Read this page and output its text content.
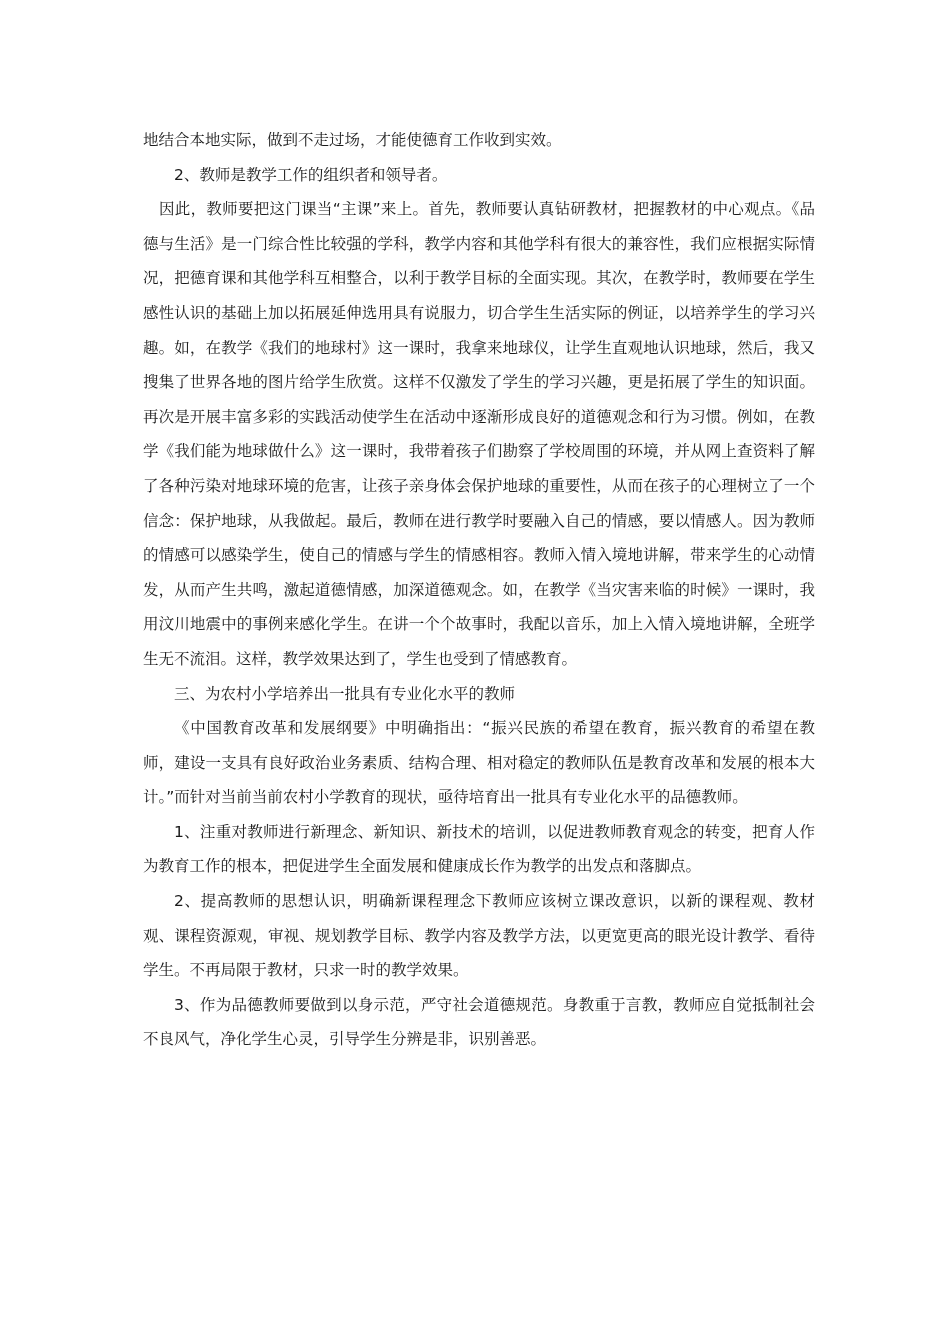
地结合本地实际，做到不走过场，才能使德育工作收到实效。

2、教师是教学工作的组织者和领导者。

因此，教师要把这门课当“主课”来上。首先，教师要认真钻研教材，把握教材的中心观点。《品德与生活》是一门综合性比较强的学科，教学内容和其他学科有很大的兼容性，我们应根据实际情况，把德育课和其他学科互相整合，以利于教学目标的全面实现。其次，在教学时，教师要在学生感性认识的基础上加以拓展延伸选用具有说服力，切合学生生活实际的例证，以培养学生的学习兴趣。如，在教学《我们的地球村》这一课时，我拿来地球仪，让学生直观地认识地球，然后，我又搜集了世界各地的图片给学生欣赏。这样不仅激发了学生的学习兴趣，更是拓展了学生的知识面。再次是开展丰富多彩的实践活动使学生在活动中逐渐形成良好的道德观念和行为习惯。例如，在教学《我们能为地球做什么》这一课时，我带着孩子们勘察了学校周围的环境，并从网上查资料了解了各种污染对地球环境的危害，让孩子亲身体会保护地球的重要性，从而在孩子的心理树立了一个信念：保护地球，从我做起。最后，教师在进行教学时要融入自己的情感，要以情感人。因为教师的情感可以感染学生，使自己的情感与学生的情感相容。教师入情入境地讲解，带来学生的心动情发，从而产生共鸣，激起道德情感，加深道德观念。如，在教学《当灾害来临的时候》一课时，我用汶川地震中的事例来感化学生。在讲一个个故事时，我配以音乐，加上入情入境地讲解，全班学生无不流泪。这样，教学效果达到了，学生也受到了情感教育。

三、为农村小学培养出一批具有专业化水平的教师

《中国教育改革和发展纲要》中明确指出：“振兴民族的希望在教育，振兴教育的希望在教师，建设一支具有良好政治业务素质、结构合理、相对稳定的教师队伍是教育改革和发展的根本大计。”而针对当前当前农村小学教育的现状，亟待培育出一批具有专业化水平的品德教师。

1、注重对教师进行新理念、新知识、新技术的培训，以促进教师教育观念的转变，把育人作为教育工作的根本，把促进学生全面发展和健康成长作为教学的出发点和落脚点。

2、提高教师的思想认识，明确新课程理念下教师应该树立课改意识，以新的课程观、教材观、课程资源观，审视、规划教学目标、教学内容及教学方法，以更宽更高的眼光设计教学、看待学生。不再局限于教材，只求一时的教学效果。

3、作为品德教师要做到以身示范，严守社会道德规范。身教重于言教，教师应自觉抵制社会不良风气，净化学生心灵，引导学生分辨是非，识别善恶。
